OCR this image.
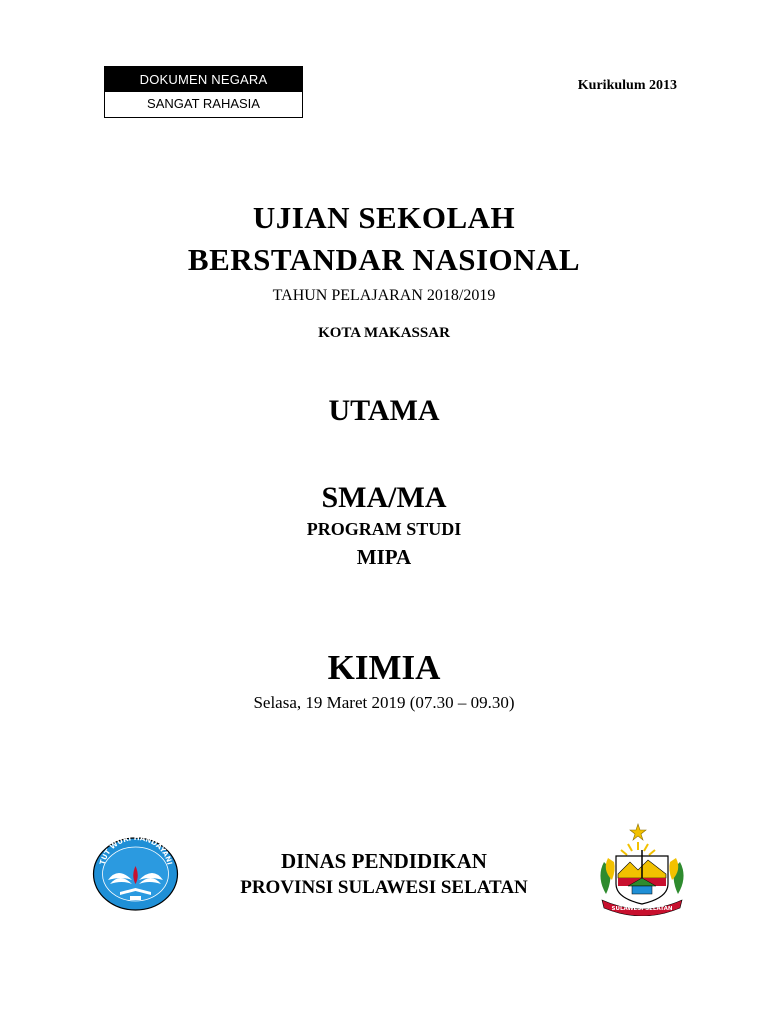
DOKUMEN NEGARA
SANGAT RAHASIA
Kurikulum 2013
UJIAN SEKOLAH
BERSTANDAR NASIONAL
TAHUN PELAJARAN 2018/2019
KOTA MAKASSAR
UTAMA
SMA/MA
PROGRAM STUDI
MIPA
KIMIA
Selasa, 19 Maret 2019 (07.30 – 09.30)
DINAS PENDIDIKAN
PROVINSI SULAWESI SELATAN
TUT WURI HANDAYANI
SULAWESI SELATAN
